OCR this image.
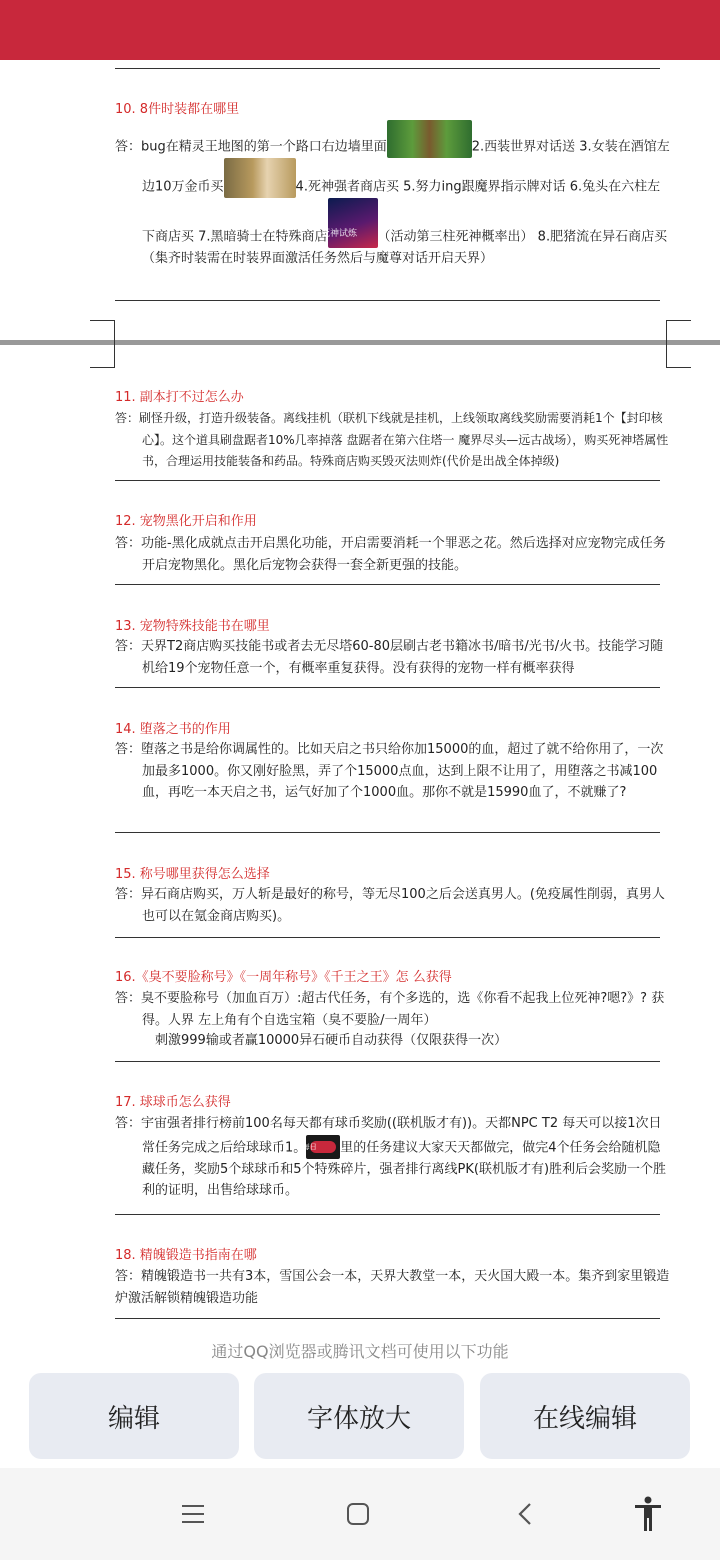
10. 8件时装都在哪里
答：bug在精灵王地图的第一个路口右边墙里面	2.西装世界对话送 3.女装在酒馆左边10万金币买	4.死神强者商店买 5.努力ing跟魔界指示牌对话 6.兔头在六柱左下商店买 7.黑暗骑士在特殊商店
死神试炼	（活动第三柱死神概率出） 8.肥猪流在异石商店买（集齐时装需在时装界面激活任务然后与魔尊对话开启天界）
11. 副本打不过怎么办
答：刷怪升级，打造升级装备。离线挂机（联机下线就是挂机，上线领取离线奖励需要消耗1个【封印核心】。这个道具刷盘踞者10%几率掉落 盘踞者在第六住塔一 魔界尽头—远古战场），购买死神塔属性书，合理运用技能装备和药品。特殊商店购买毁灭法则炸(代价是出战全体掉级)
12. 宠物黑化开启和作用
答：功能-黑化成就点击开启黑化功能，开启需要消耗一个罪恶之花。然后选择对应宠物完成任务开启宠物黑化。黑化后宠物会获得一套全新更强的技能。
13. 宠物特殊技能书在哪里
答：天界T2商店购买技能书或者去无尽塔60-80层刷古老书籍冰书/暗书/光书/火书。技能学习随机给19个宠物任意一个，有概率重复获得。没有获得的宠物一样有概率获得
14. 堕落之书的作用
答：堕落之书是给你调属性的。比如天启之书只给你加15000的血，超过了就不给你用了，一次加最多1000。你又刚好脸黑，弄了个15000点血，达到上限不让用了，用堕落之书减100血，再吃一本天启之书，运气好加了个1000血。那你不就是15990血了，不就赚了?
15. 称号哪里获得怎么选择
答：异石商店购买，万人斩是最好的称号，等无尽100之后会送真男人。(免疫属性削弱，真男人也可以在氪金商店购买)。
16.《臭不要脸称号》《一周年称号》《千王之王》怎 么获得
答：臭不要脸称号（加血百万）:超古代任务，有个多选的，选《你看不起我上位死神?嗯?》? 获得。人界 左上角有个自选宝箱（臭不要脸/一周年）
刺激999输或者赢10000异石硬币自动获得（仅限获得一次）
17. 球球币怎么获得
答：宇宙强者排行榜前100名每天都有球币奖励((联机版才有))。天都NPC T2 每天可以接1次日常任务完成之后给球球币1。
每日	里的任务建议大家天天都做完，做完4个任务会给随机隐藏任务，奖励5个球球币和5个特殊碎片，强者排行离线PK(联机版才有)胜利后会奖励一个胜利的证明，出售给球球币。
18. 精魄锻造书指南在哪
答：精魄锻造书一共有3本，雪国公会一本，天界大教堂一本，天火国大殿一本。集齐到家里锻造炉激活解锁精魄锻造功能
通过QQ浏览器或腾讯文档可使用以下功能
编辑	字体放大	在线编辑
